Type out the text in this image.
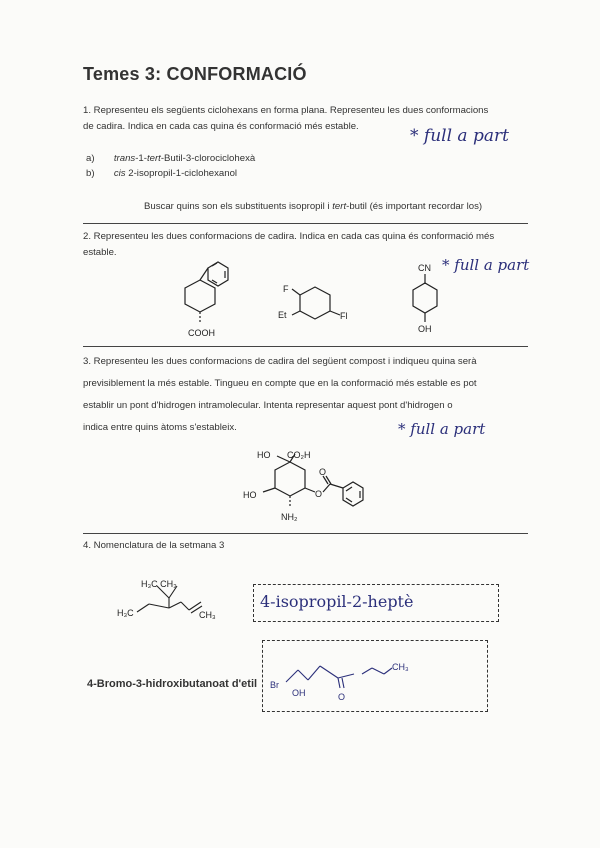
Temes 3: CONFORMACIÓ
1. Representeu els següents ciclohexans en forma plana. Representeu les dues conformacions
de cadira. Indica en cada cas quina és conformació més estable.	* full a part
a) trans-1-tert-Butil-3-clorociclohexà
b) cis 2-isopropil-1-ciclohexanol
Buscar quins son els substituents isopropil i tert-butil (és important recordar los)
2. Representeu les dues conformacions de cadira. Indica en cada cas quina és conformació més
estable.
* full a part
COOH
F
Et	Fl
CN
OH
3. Representeu les dues conformacions de cadira del següent compost i indiqueu quina serà
previsiblement la més estable. Tingueu en compte que en la conformació més estable es pot
establir un pont d'hidrogen intramolecular. Intenta representar aquest pont d'hidrogen o
indica entre quins àtoms s'estableix.	* full a part
HO CO₂H
HO
NH₂
O
O
4. Nomenclatura de la setmana 3
H₃C CH₃
H₃C	CH₃
4-isopropil-2-heptè
4-Bromo-3-hidroxibutanoat d'etil Br
OH	O
CH₃
